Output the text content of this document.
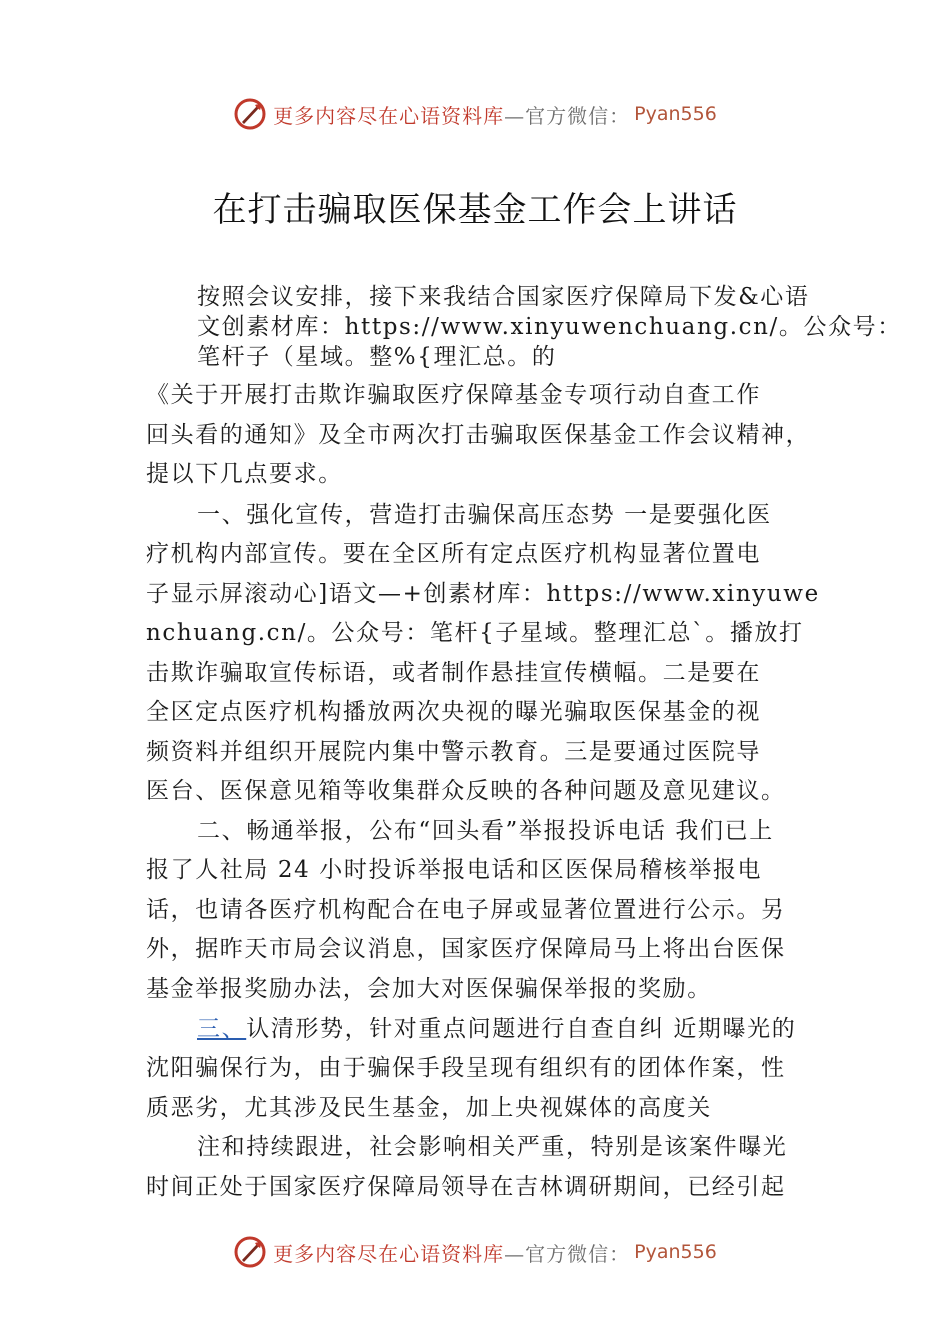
更多内容尽在心语资料库 —官方微信： Pyan556
在打击骗取医保基金工作会上讲话
按照会议安排，接下来我结合国家医疗保障局下发&心语
文创素材库：https://www.xinyuwenchuang.cn/。公众号：
笔杆子（星域。整%{理汇总。的
《关于开展打击欺诈骗取医疗保障基金专项行动自查工作
回头看的通知》及全市两次打击骗取医保基金工作会议精神，
提以下几点要求。
一、强化宣传，营造打击骗保高压态势 一是要强化医
疗机构内部宣传。要在全区所有定点医疗机构显著位置电
子显示屏滚动心]语文—+创素材库：https://www.xinyuwe
nchuang.cn/。公众号：笔杆{子星域。整理汇总`。播放打
击欺诈骗取宣传标语，或者制作悬挂宣传横幅。二是要在
全区定点医疗机构播放两次央视的曝光骗取医保基金的视
频资料并组织开展院内集中警示教育。三是要通过医院导
医台、医保意见箱等收集群众反映的各种问题及意见建议。
二、畅通举报，公布“回头看”举报投诉电话 我们已上
报了人社局 24 小时投诉举报电话和区医保局稽核举报电
话，也请各医疗机构配合在电子屏或显著位置进行公示。另
外，据昨天市局会议消息，国家医疗保障局马上将出台医保
基金举报奖励办法，会加大对医保骗保举报的奖励。
三、认清形势，针对重点问题进行自查自纠 近期曝光的
沈阳骗保行为，由于骗保手段呈现有组织有的团体作案，性
质恶劣，尤其涉及民生基金，加上央视媒体的高度关
注和持续跟进，社会影响相关严重，特别是该案件曝光
时间正处于国家医疗保障局领导在吉林调研期间，已经引起
更多内容尽在心语资料库 —官方微信： Pyan556
